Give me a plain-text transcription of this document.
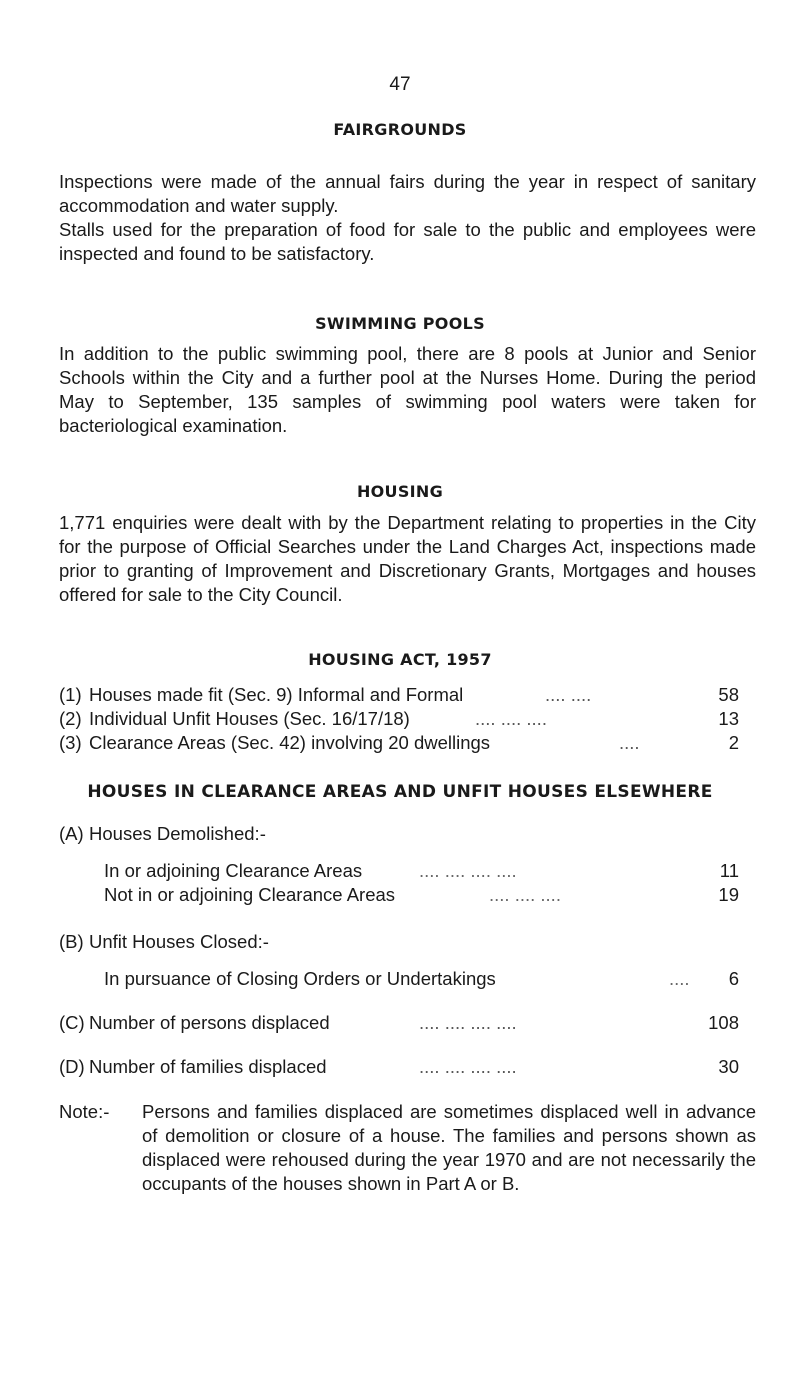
47
FAIRGROUNDS

Inspections were made of the annual fairs during the year in respect of sanitary accommodation and water supply.

Stalls used for the preparation of food for sale to the public and employees were inspected and found to be satisfactory.

SWIMMING POOLS

In addition to the public swimming pool, there are 8 pools at Junior and Senior Schools within the City and a further pool at the Nurses Home. During the period May to September, 135 samples of swimming pool waters were taken for bacteriological examination.

HOUSING

1,771 enquiries were dealt with by the Department relating to properties in the City for the purpose of Official Searches under the Land Charges Act, inspections made prior to granting of Improvement and Discretionary Grants, Mortgages and houses offered for sale to the City Council.

HOUSING ACT, 1957
(1) Houses made fit (Sec. 9) Informal and Formal	.... ....	58
(2) Individual Unfit Houses (Sec. 16/17/18)	.... .... ....	13
(3) Clearance Areas (Sec. 42) involving 20 dwellings	....	2
HOUSES IN CLEARANCE AREAS AND UNFIT HOUSES ELSEWHERE
(A) Houses Demolished:-
In or adjoining Clearance Areas	.... .... .... ....	11
Not in or adjoining Clearance Areas	.... .... ....	19
(B) Unfit Houses Closed:-
In pursuance of Closing Orders or Undertakings	.... 6
(C) Number of persons displaced	.... .... .... ....	108
(D) Number of families displaced	.... .... .... ....	30
Note:- Persons and families displaced are sometimes displaced well in advance of demolition or closure of a house. The families and persons shown as displaced were rehoused during the year 1970 and are not necessarily the occupants of the houses shown in Part A or B.
